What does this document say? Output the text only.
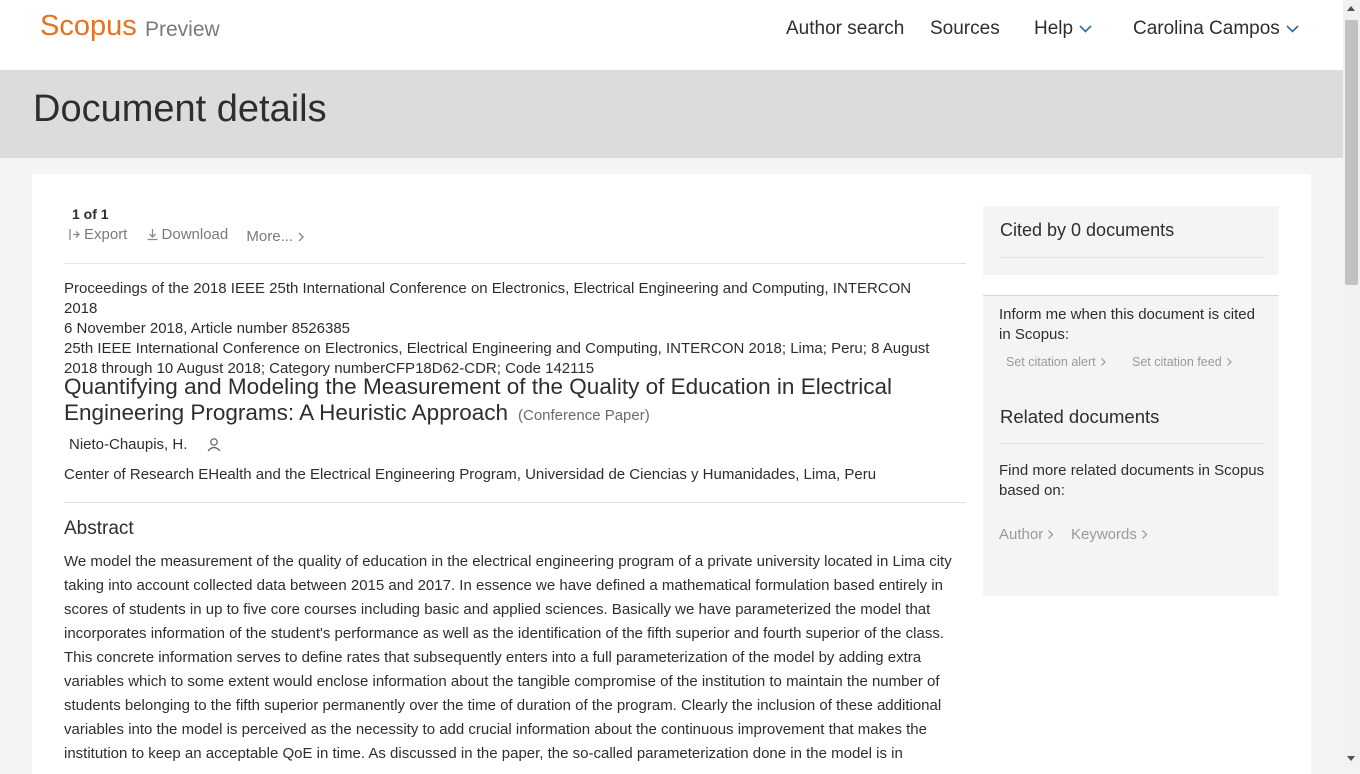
Scopus Preview	Author search Sources Help	Carolina Campos
Document details
1 of 1
Export
Download
More...
Proceedings of the 2018 IEEE 25th International Conference on Electronics, Electrical Engineering and Computing, INTERCON 2018
6 November 2018, Article number 8526385
25th IEEE International Conference on Electronics, Electrical Engineering and Computing, INTERCON 2018; Lima; Peru; 8 August 2018 through 10 August 2018; Category numberCFP18D62-CDR; Code 142115
Quantifying and Modeling the Measurement of the Quality of Education in Electrical Engineering Programs: A Heuristic Approach (Conference Paper)
Nieto-Chaupis, H.
Center of Research EHealth and the Electrical Engineering Program, Universidad de Ciencias y Humanidades, Lima, Peru
Abstract
We model the measurement of the quality of education in the electrical engineering program of a private university located in Lima city taking into account collected data between 2015 and 2017. In essence we have defined a mathematical formulation based entirely in scores of students in up to five core courses including basic and applied sciences. Basically we have parameterized the model that incorporates information of the student's performance as well as the identification of the fifth superior and fourth superior of the class. This concrete information serves to define rates that subsequently enters into a full parameterization of the model by adding extra variables which to some extent would enclose information about the tangible compromise of the institution to maintain the number of students belonging to the fifth superior permanently over the time of duration of the program. Clearly the inclusion of these additional variables into the model is perceived as the necessity to add crucial information about the continuous improvement that makes the institution to keep an acceptable QoE in time. As discussed in the paper, the so-called parameterization done in the model is in
Cited by 0 documents
Inform me when this document is cited in Scopus:
Set citation alert	Set citation feed
Related documents
Find more related documents in Scopus based on:
Author Keywords
